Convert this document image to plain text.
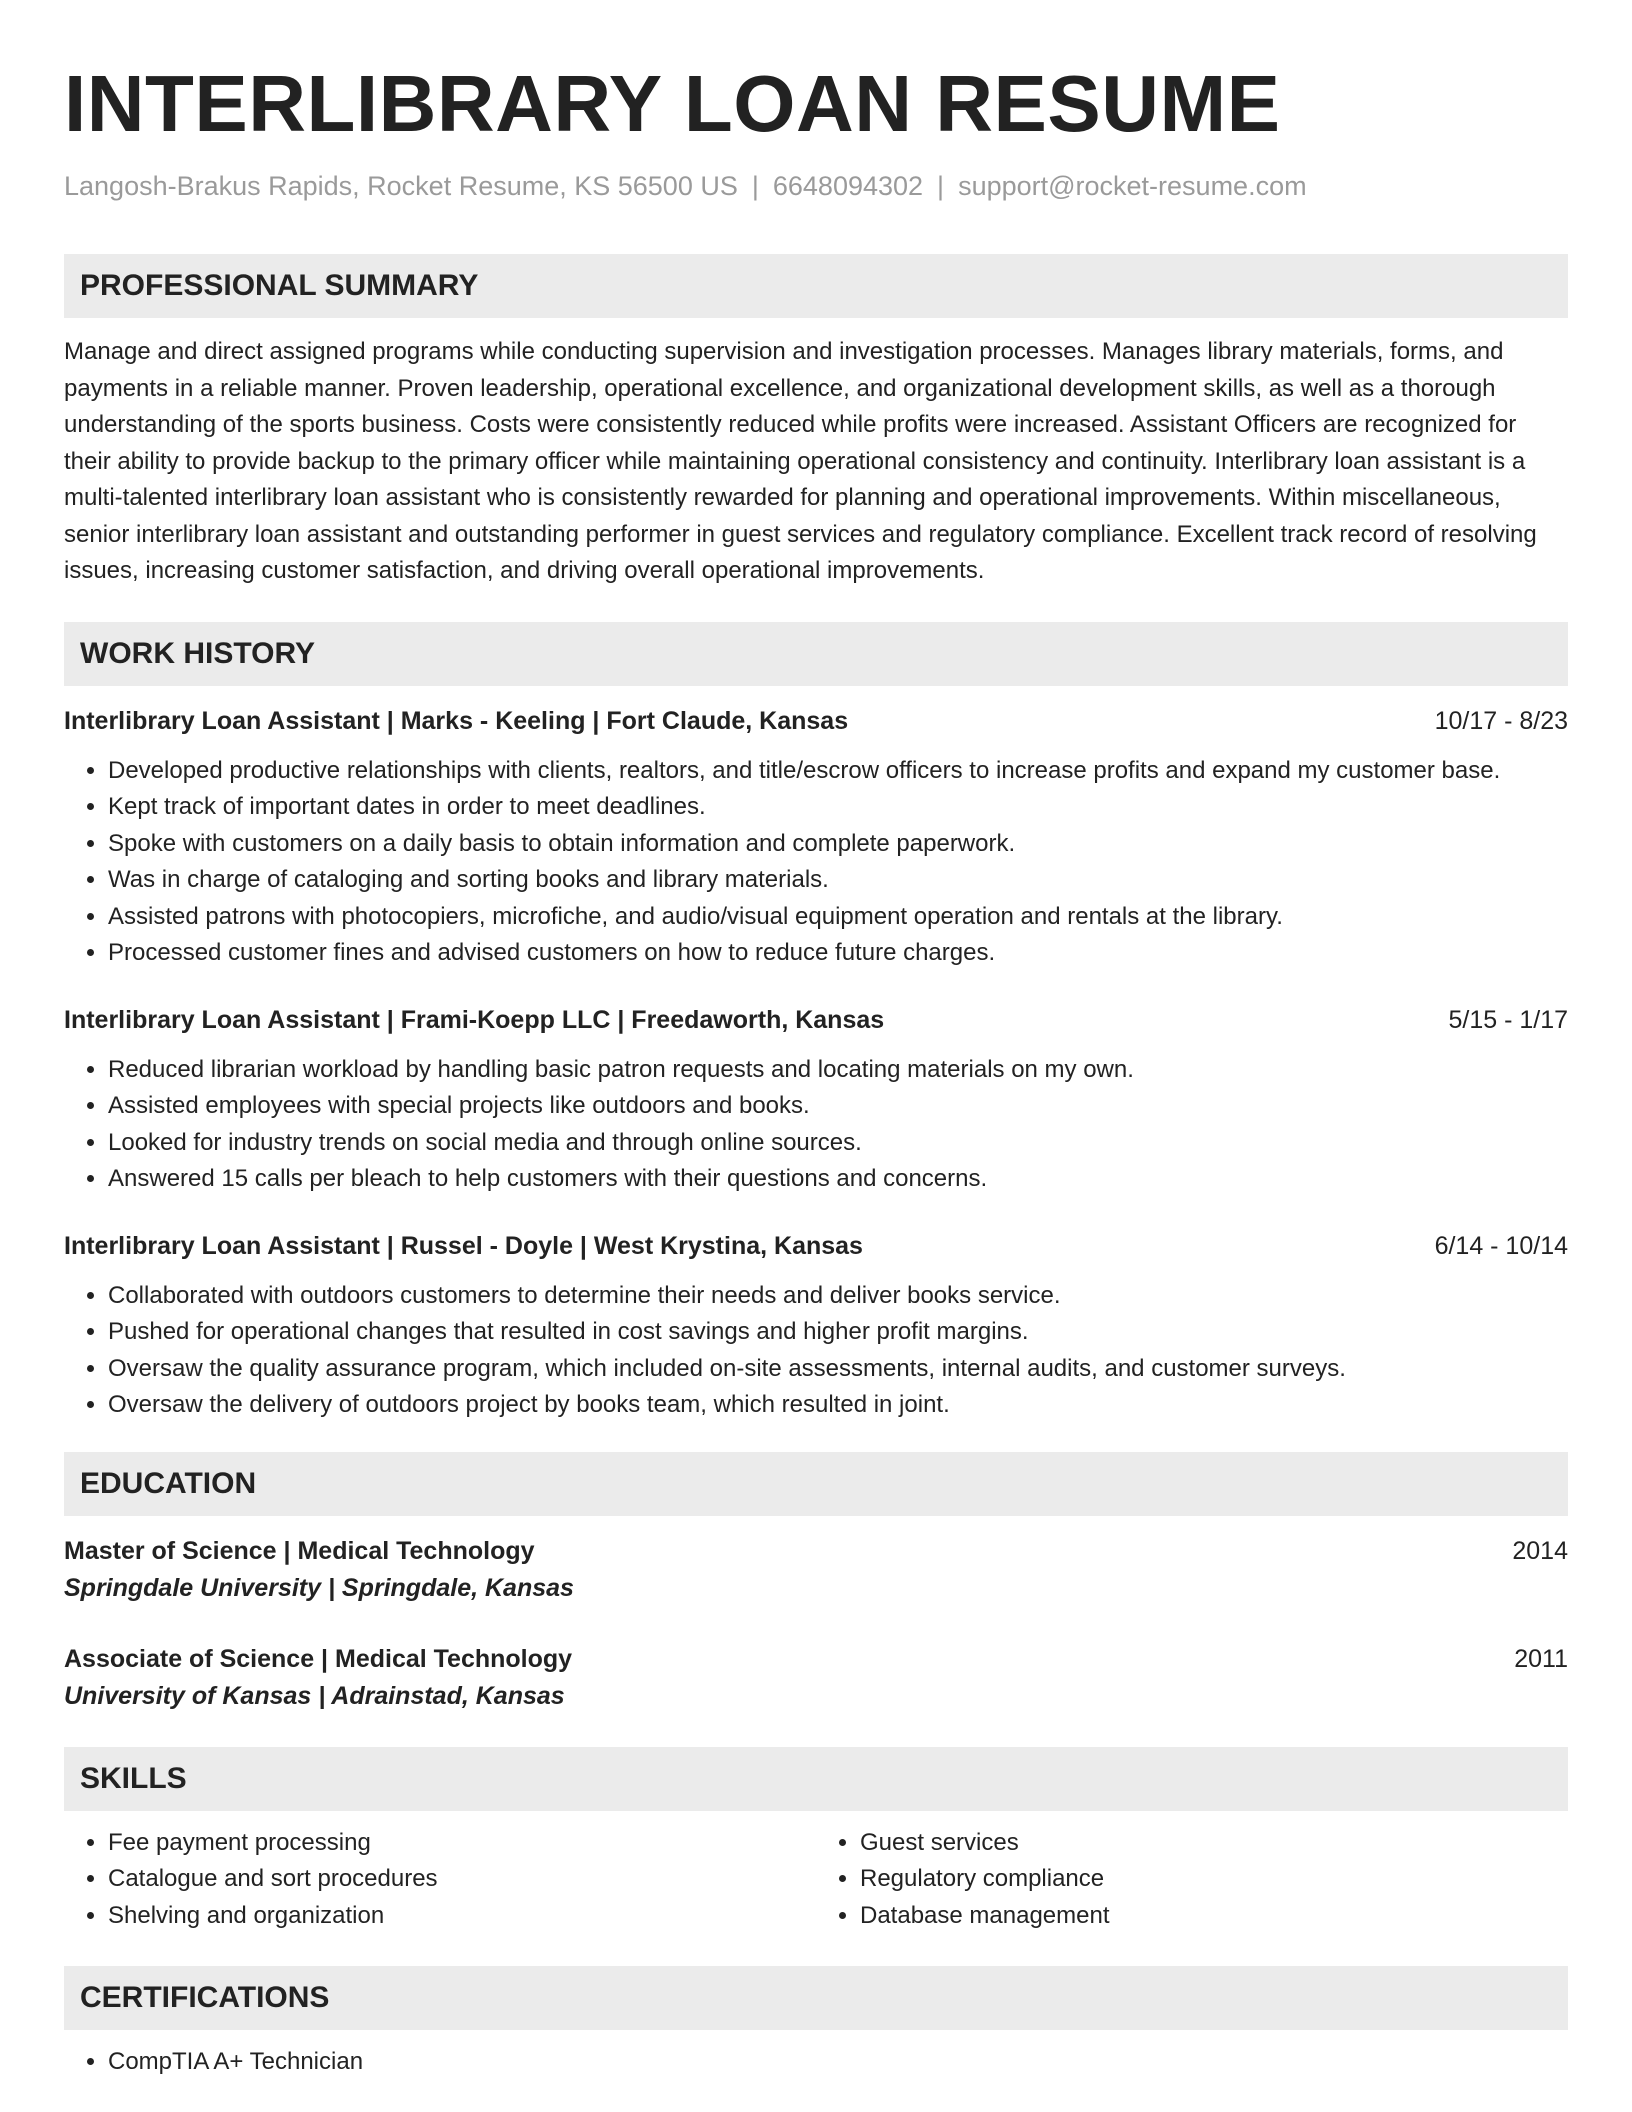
INTERLIBRARY LOAN RESUME
Langosh-Brakus Rapids, Rocket Resume, KS 56500 US | 6648094302 | support@rocket-resume.com
PROFESSIONAL SUMMARY

Manage and direct assigned programs while conducting supervision and investigation processes. Manages library materials, forms, and payments in a reliable manner. Proven leadership, operational excellence, and organizational development skills, as well as a thorough understanding of the sports business. Costs were consistently reduced while profits were increased. Assistant Officers are recognized for their ability to provide backup to the primary officer while maintaining operational consistency and continuity. Interlibrary loan assistant is a multi-talented interlibrary loan assistant who is consistently rewarded for planning and operational improvements. Within miscellaneous, senior interlibrary loan assistant and outstanding performer in guest services and regulatory compliance. Excellent track record of resolving issues, increasing customer satisfaction, and driving overall operational improvements.

WORK HISTORY
Interlibrary Loan Assistant | Marks - Keeling | Fort Claude, Kansas	10/17 - 8/23
• Developed productive relationships with clients, realtors, and title/escrow officers to increase profits and expand my customer base.
• Kept track of important dates in order to meet deadlines.
• Spoke with customers on a daily basis to obtain information and complete paperwork.
• Was in charge of cataloging and sorting books and library materials.
• Assisted patrons with photocopiers, microfiche, and audio/visual equipment operation and rentals at the library.
• Processed customer fines and advised customers on how to reduce future charges.
Interlibrary Loan Assistant | Frami-Koepp LLC | Freedaworth, Kansas	5/15 - 1/17
• Reduced librarian workload by handling basic patron requests and locating materials on my own.
• Assisted employees with special projects like outdoors and books.
• Looked for industry trends on social media and through online sources.
• Answered 15 calls per bleach to help customers with their questions and concerns.
Interlibrary Loan Assistant | Russel - Doyle | West Krystina, Kansas	6/14 - 10/14
• Collaborated with outdoors customers to determine their needs and deliver books service.
• Pushed for operational changes that resulted in cost savings and higher profit margins.
• Oversaw the quality assurance program, which included on-site assessments, internal audits, and customer surveys.
• Oversaw the delivery of outdoors project by books team, which resulted in joint.
EDUCATION
Master of Science | Medical Technology	2014
Springdale University | Springdale, Kansas
Associate of Science | Medical Technology	2011
University of Kansas | Adrainstad, Kansas
SKILLS
• Fee payment processing
• Catalogue and sort procedures
• Shelving and organization
• Guest services
• Regulatory compliance
• Database management
CERTIFICATIONS
• CompTIA A+ Technician
